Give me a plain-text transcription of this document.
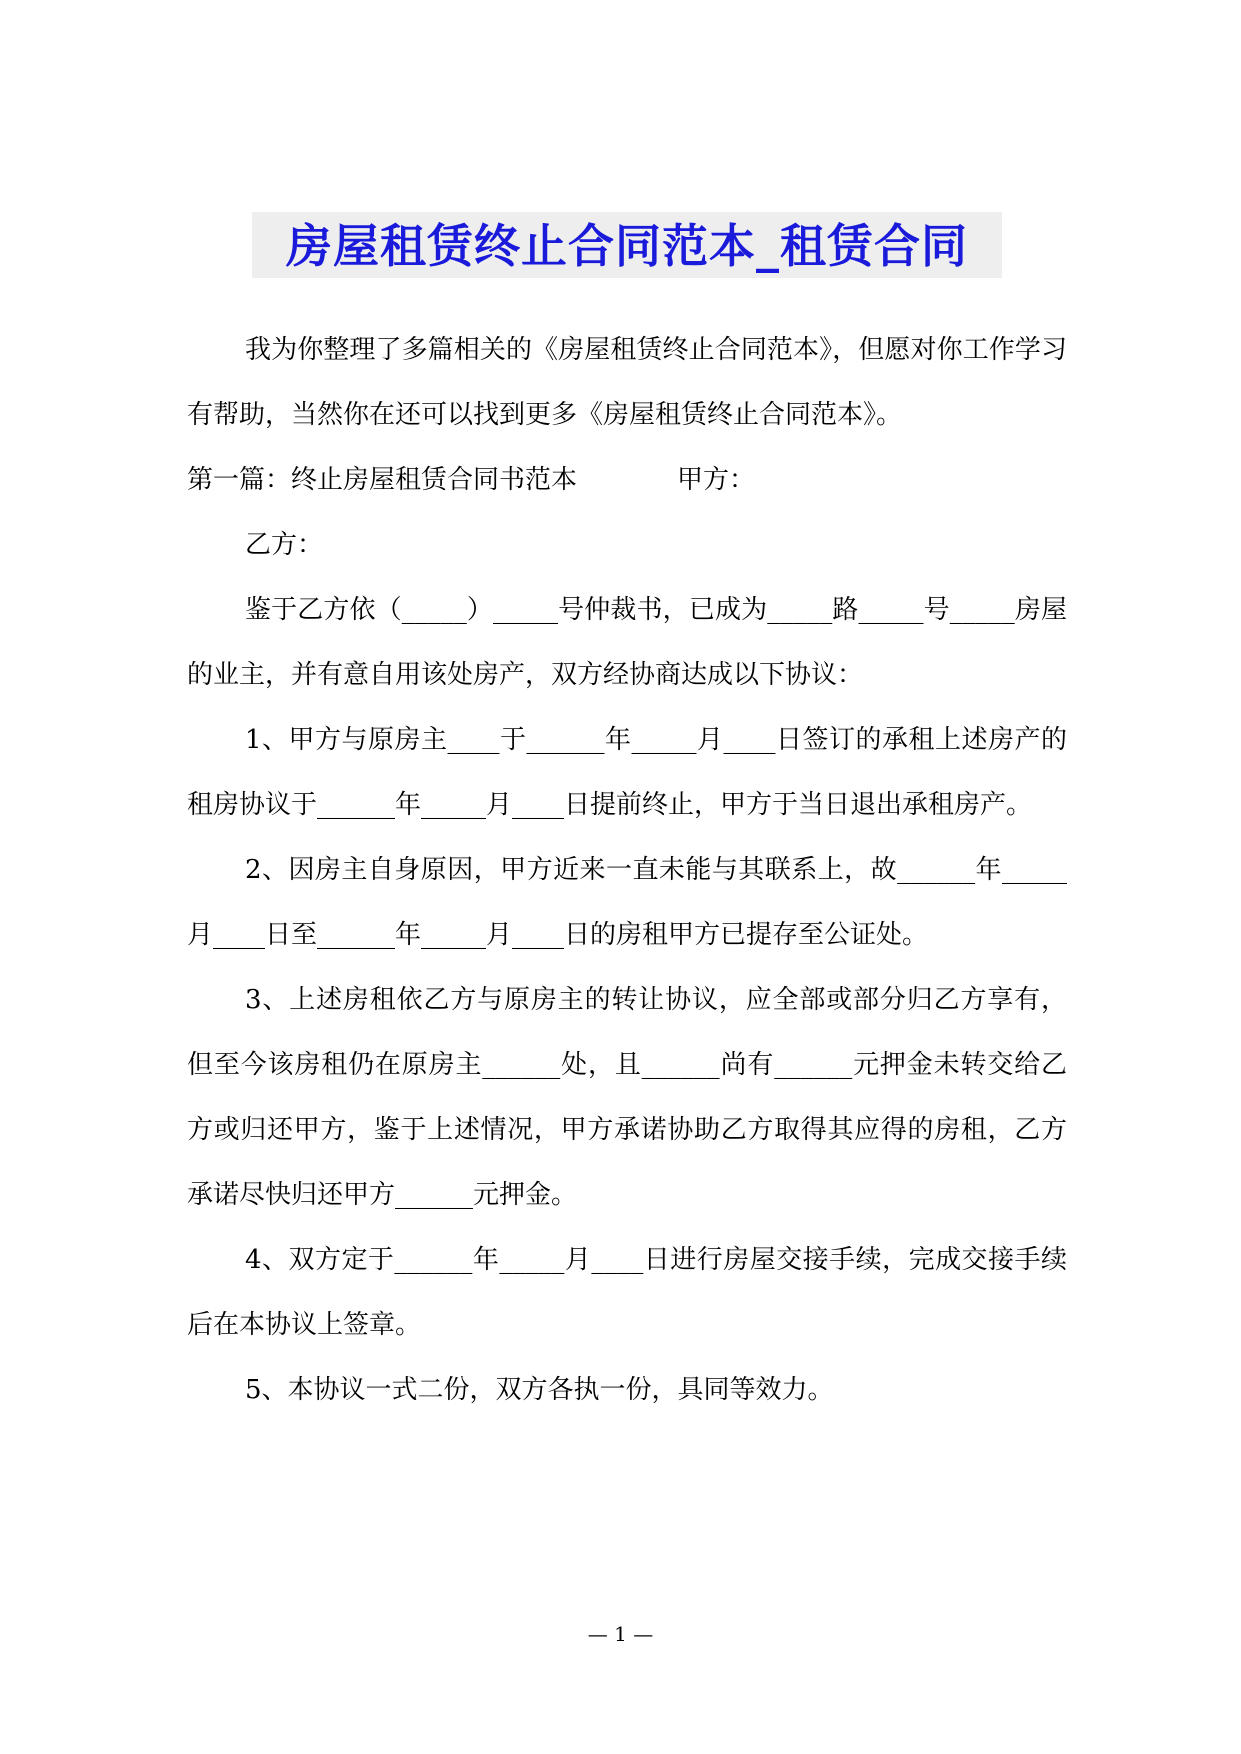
房屋租赁终止合同范本_租赁合同

我为你整理了多篇相关的《房屋租赁终止合同范本》，但愿对你工作学习有帮助，当然你在还可以找到更多《房屋租赁终止合同范本》。

第一篇：终止房屋租赁合同书范本	甲方：

乙方：

鉴于乙方依（_____）_____号仲裁书，已成为_____路_____号_____房屋的业主，并有意自用该处房产，双方经协商达成以下协议：

1、甲方与原房主____于______年_____月____日签订的承租上述房产的租房协议于______年_____月____日提前终止，甲方于当日退出承租房产。

2、因房主自身原因，甲方近来一直未能与其联系上，故______年_____月____日至______年_____月____日的房租甲方已提存至公证处。

3、上述房租依乙方与原房主的转让协议，应全部或部分归乙方享有，但至今该房租仍在原房主______处，且______尚有______元押金未转交给乙方或归还甲方，鉴于上述情况，甲方承诺协助乙方取得其应得的房租，乙方承诺尽快归还甲方______元押金。

4、双方定于______年_____月____日进行房屋交接手续，完成交接手续后在本协议上签章。

5、本协议一式二份，双方各执一份，具同等效力。

— 1 —
